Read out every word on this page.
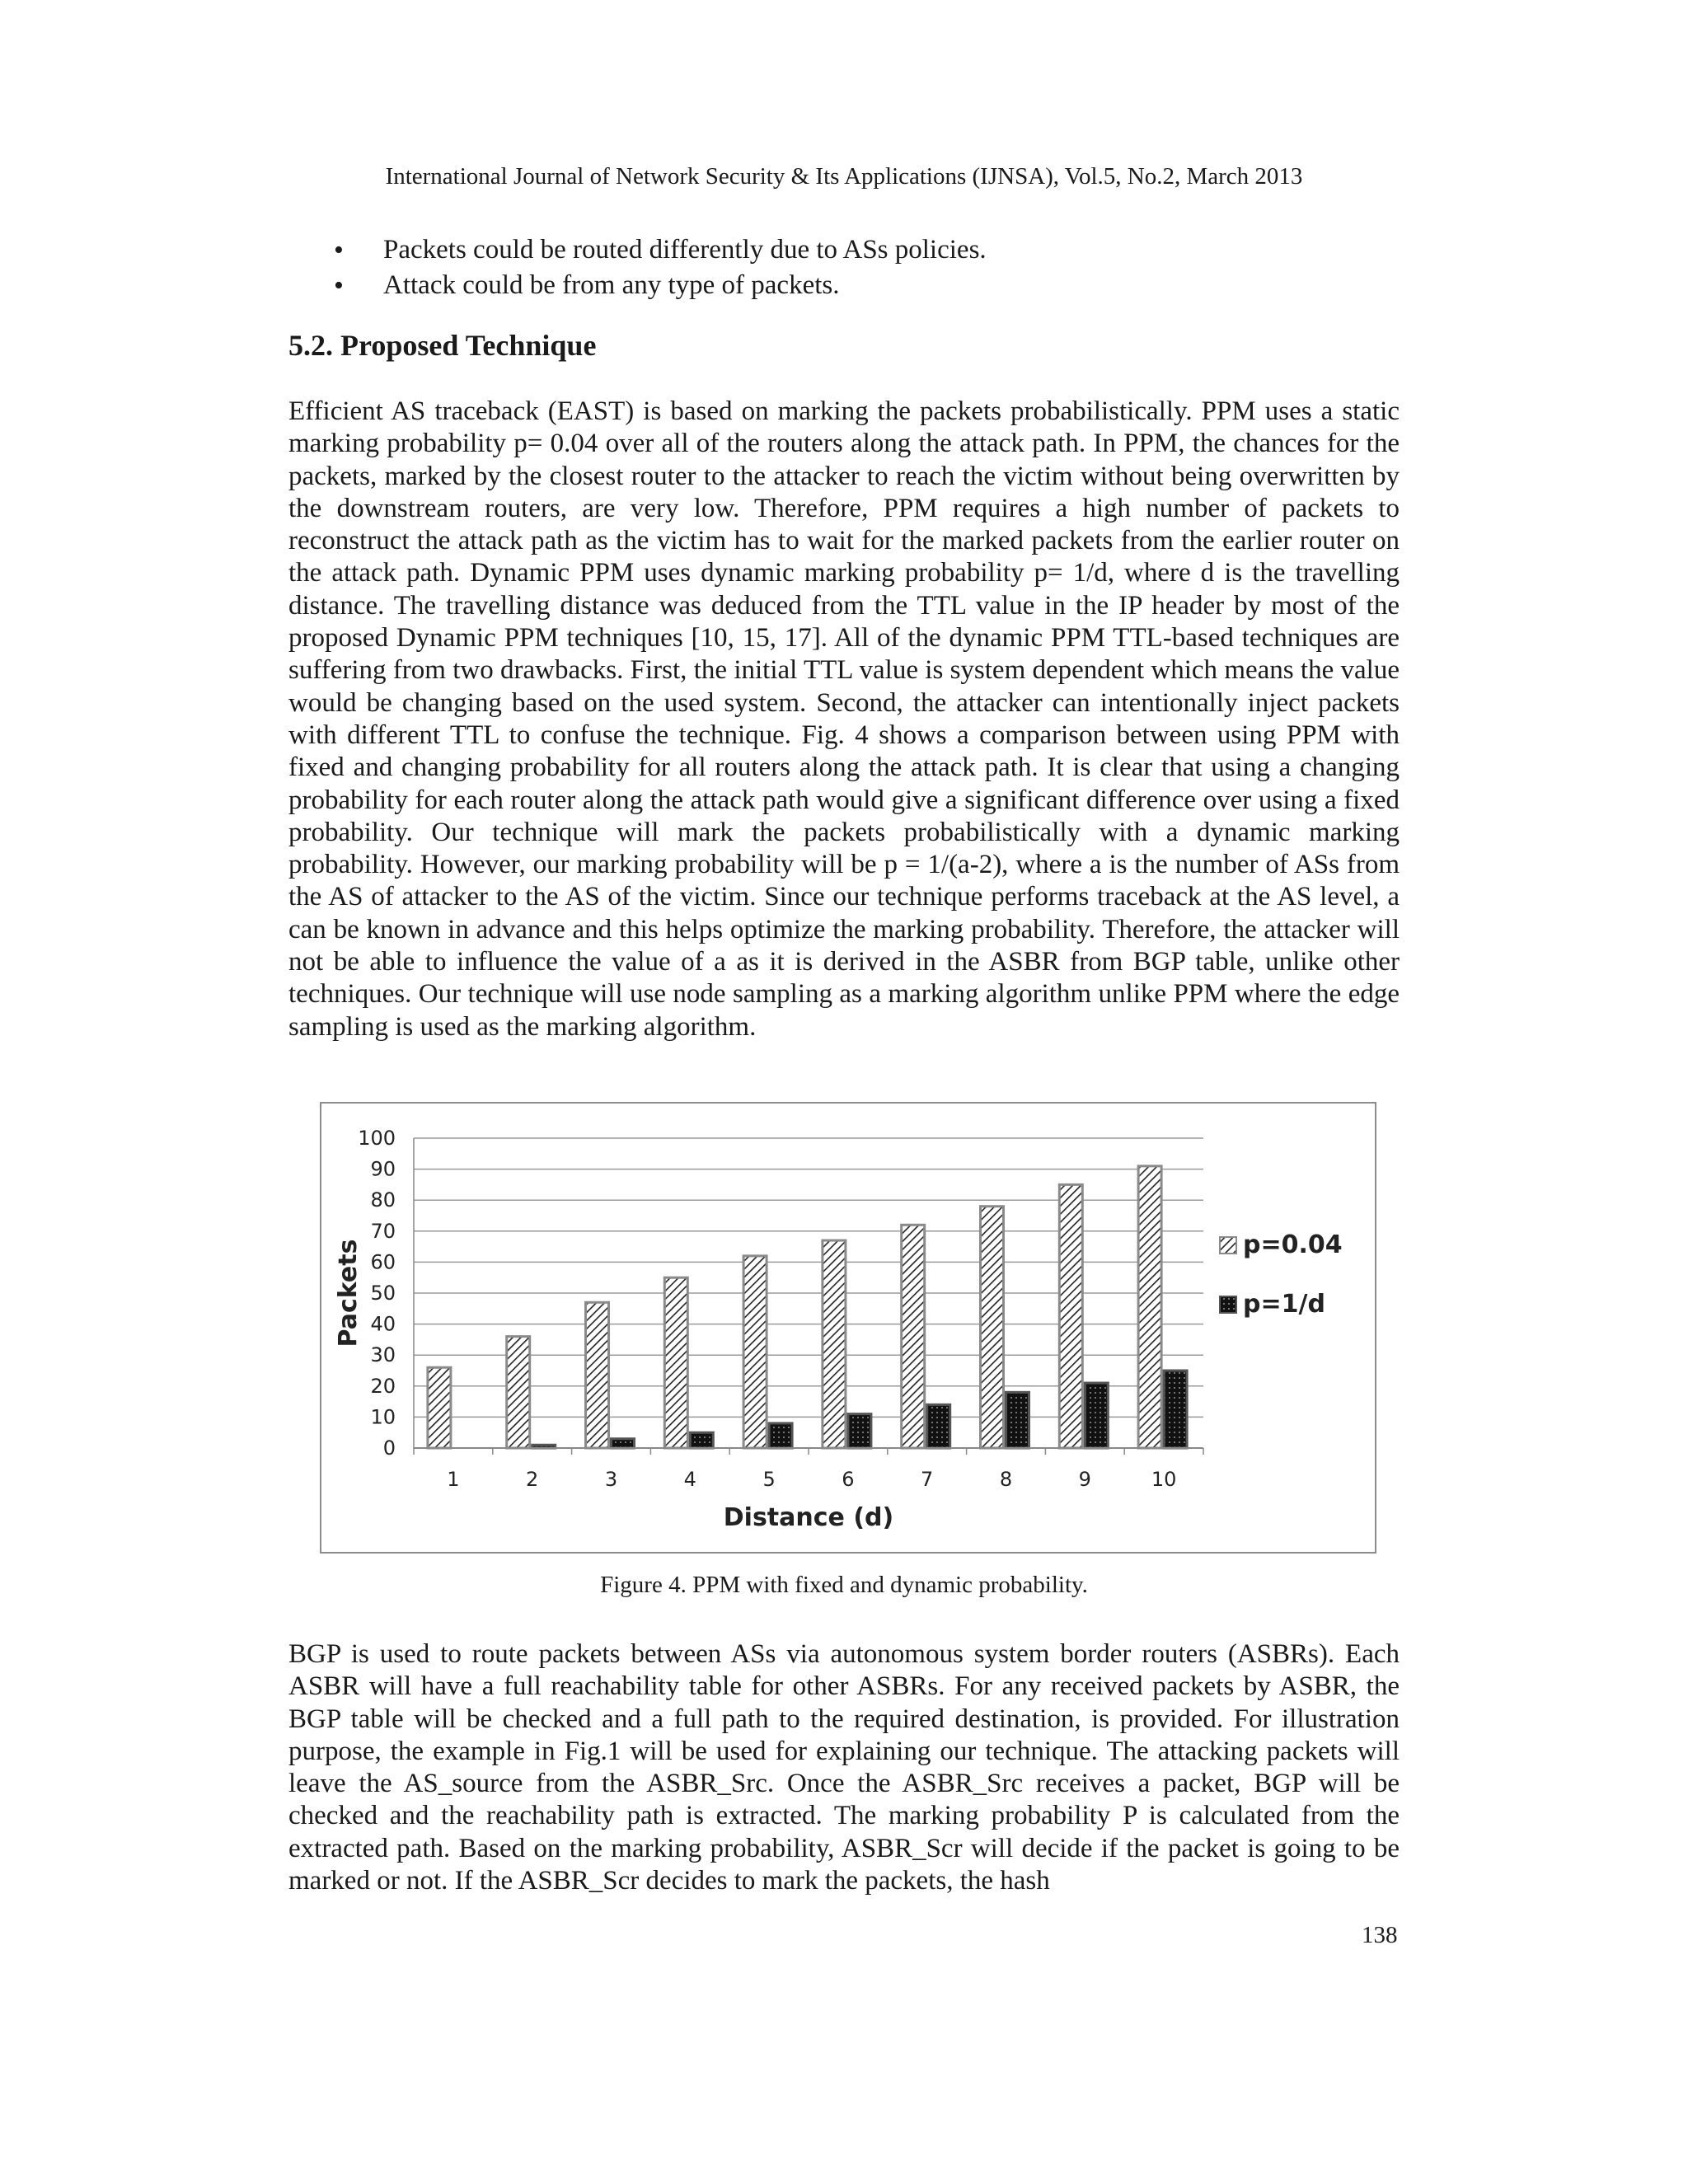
International Journal of Network Security & Its Applications (IJNSA), Vol.5, No.2, March 2013
• Packets could be routed differently due to ASs policies.
• Attack could be from any type of packets.
5.2. Proposed Technique

Efficient AS traceback (EAST) is based on marking the packets probabilistically. PPM uses a static marking probability p= 0.04 over all of the routers along the attack path. In PPM, the chances for the packets, marked by the closest router to the attacker to reach the victim without being overwritten by the downstream routers, are very low. Therefore, PPM requires a high number of packets to reconstruct the attack path as the victim has to wait for the marked packets from the earlier router on the attack path. Dynamic PPM uses dynamic marking probability p= 1/d, where d is the travelling distance. The travelling distance was deduced from the TTL value in the IP header by most of the proposed Dynamic PPM techniques [10, 15, 17]. All of the dynamic PPM TTL-based techniques are suffering from two drawbacks. First, the initial TTL value is system dependent which means the value would be changing based on the used system. Second, the attacker can intentionally inject packets with different TTL to confuse the technique. Fig. 4 shows a comparison between using PPM with fixed and changing probability for all routers along the attack path. It is clear that using a changing probability for each router along the attack path would give a significant difference over using a fixed probability. Our technique will mark the packets probabilistically with a dynamic marking probability. However, our marking probability will be p = 1/(a-2), where a is the number of ASs from the AS of attacker to the AS of the victim. Since our technique performs traceback at the AS level, a can be known in advance and this helps optimize the marking probability. Therefore, the attacker will not be able to influence the value of a as it is derived in the ASBR from BGP table, unlike other techniques. Our technique will use node sampling as a marking algorithm unlike PPM where the edge sampling is used as the marking algorithm.

0
10
20
30
40
50
60
70
80
90
100
1	2	3	4	5	6	7	8	9	10
Distance (d)
Packets	p=0.04
p=1/d
Figure 4. PPM with fixed and dynamic probability.

BGP is used to route packets between ASs via autonomous system border routers (ASBRs). Each ASBR will have a full reachability table for other ASBRs. For any received packets by ASBR, the BGP table will be checked and a full path to the required destination, is provided. For illustration purpose, the example in Fig.1 will be used for explaining our technique. The attacking packets will leave the AS_source from the ASBR_Src. Once the ASBR_Src receives a packet, BGP will be checked and the reachability path is extracted. The marking probability P is calculated from the extracted path. Based on the marking probability, ASBR_Scr will decide if the packet is going to be marked or not. If the ASBR_Scr decides to mark the packets, the hash

138
